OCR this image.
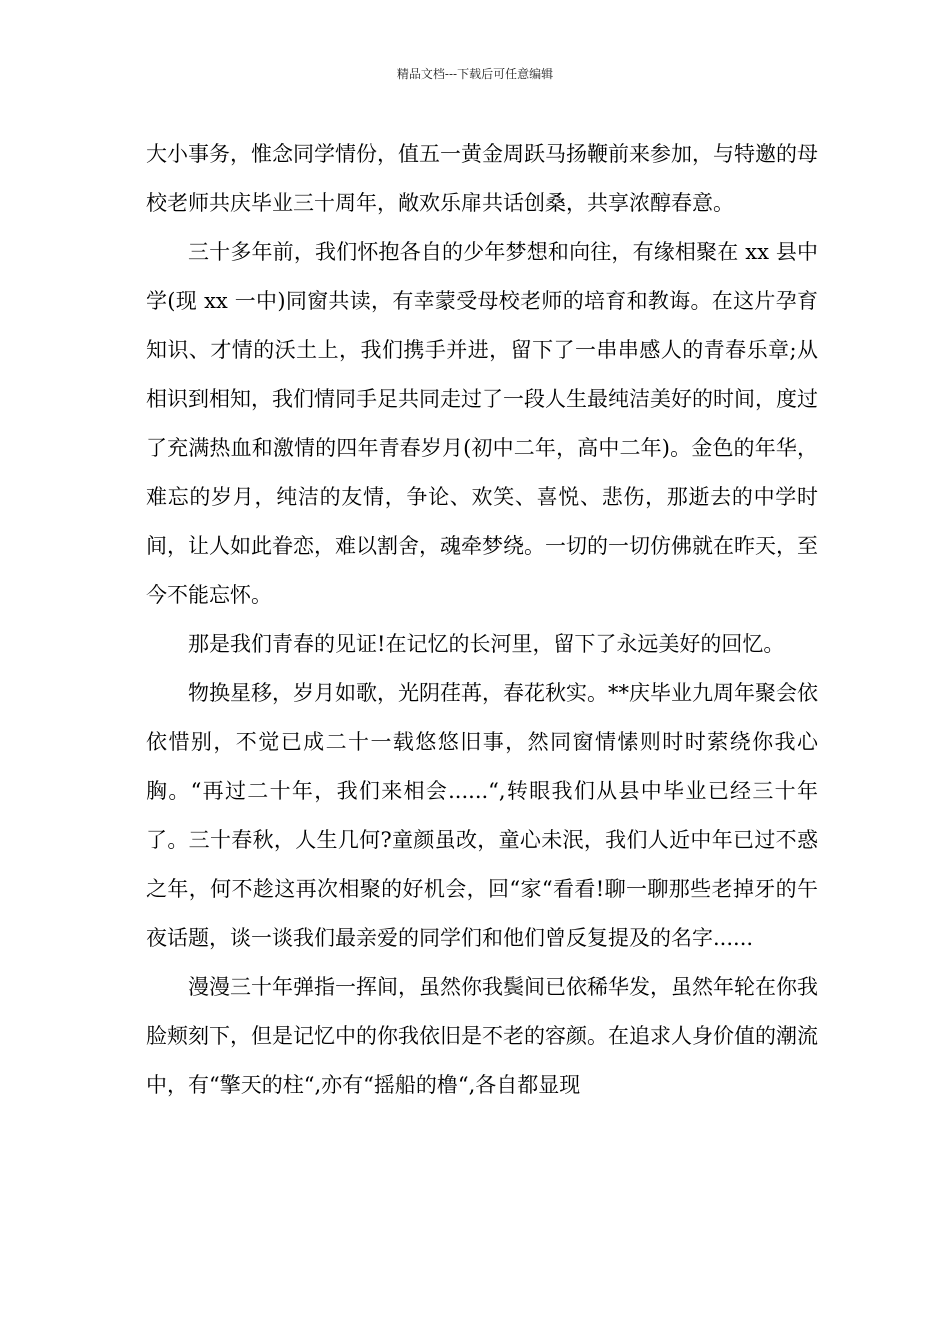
精品文档---下载后可任意编辑

大小事务，惟念同学情份，值五一黄金周跃马扬鞭前来参加，与特邀的母校老师共庆毕业三十周年，敞欢乐扉共话创桑，共享浓醇春意。

三十多年前，我们怀抱各自的少年梦想和向往，有缘相聚在 xx 县中学(现 xx 一中)同窗共读，有幸蒙受母校老师的培育和教诲。在这片孕育知识、才情的沃土上，我们携手并进，留下了一串串感人的青春乐章;从相识到相知，我们情同手足共同走过了一段人生最纯洁美好的时间，度过了充满热血和激情的四年青春岁月(初中二年，高中二年)。金色的年华，难忘的岁月，纯洁的友情，争论、欢笑、喜悦、悲伤，那逝去的中学时间，让人如此眷恋，难以割舍，魂牵梦绕。一切的一切仿佛就在昨天，至今不能忘怀。

那是我们青春的见证!在记忆的长河里，留下了永远美好的回忆。

物换星移，岁月如歌，光阴荏苒，春花秋实。**庆毕业九周年聚会依依惜别，不觉已成二十一载悠悠旧事，然同窗情愫则时时萦绕你我心胸。“再过二十年，我们来相会......“,转眼我们从县中毕业已经三十年了。三十春秋，人生几何?童颜虽改，童心未泯，我们人近中年已过不惑之年，何不趁这再次相聚的好机会，回“家“看看!聊一聊那些老掉牙的午夜话题，谈一谈我们最亲爱的同学们和他们曾反复提及的名字......

漫漫三十年弹指一挥间，虽然你我鬓间已依稀华发，虽然年轮在你我脸颊刻下，但是记忆中的你我依旧是不老的容颜。在追求人身价值的潮流中，有“擎天的柱“,亦有“摇船的橹“,各自都显现
